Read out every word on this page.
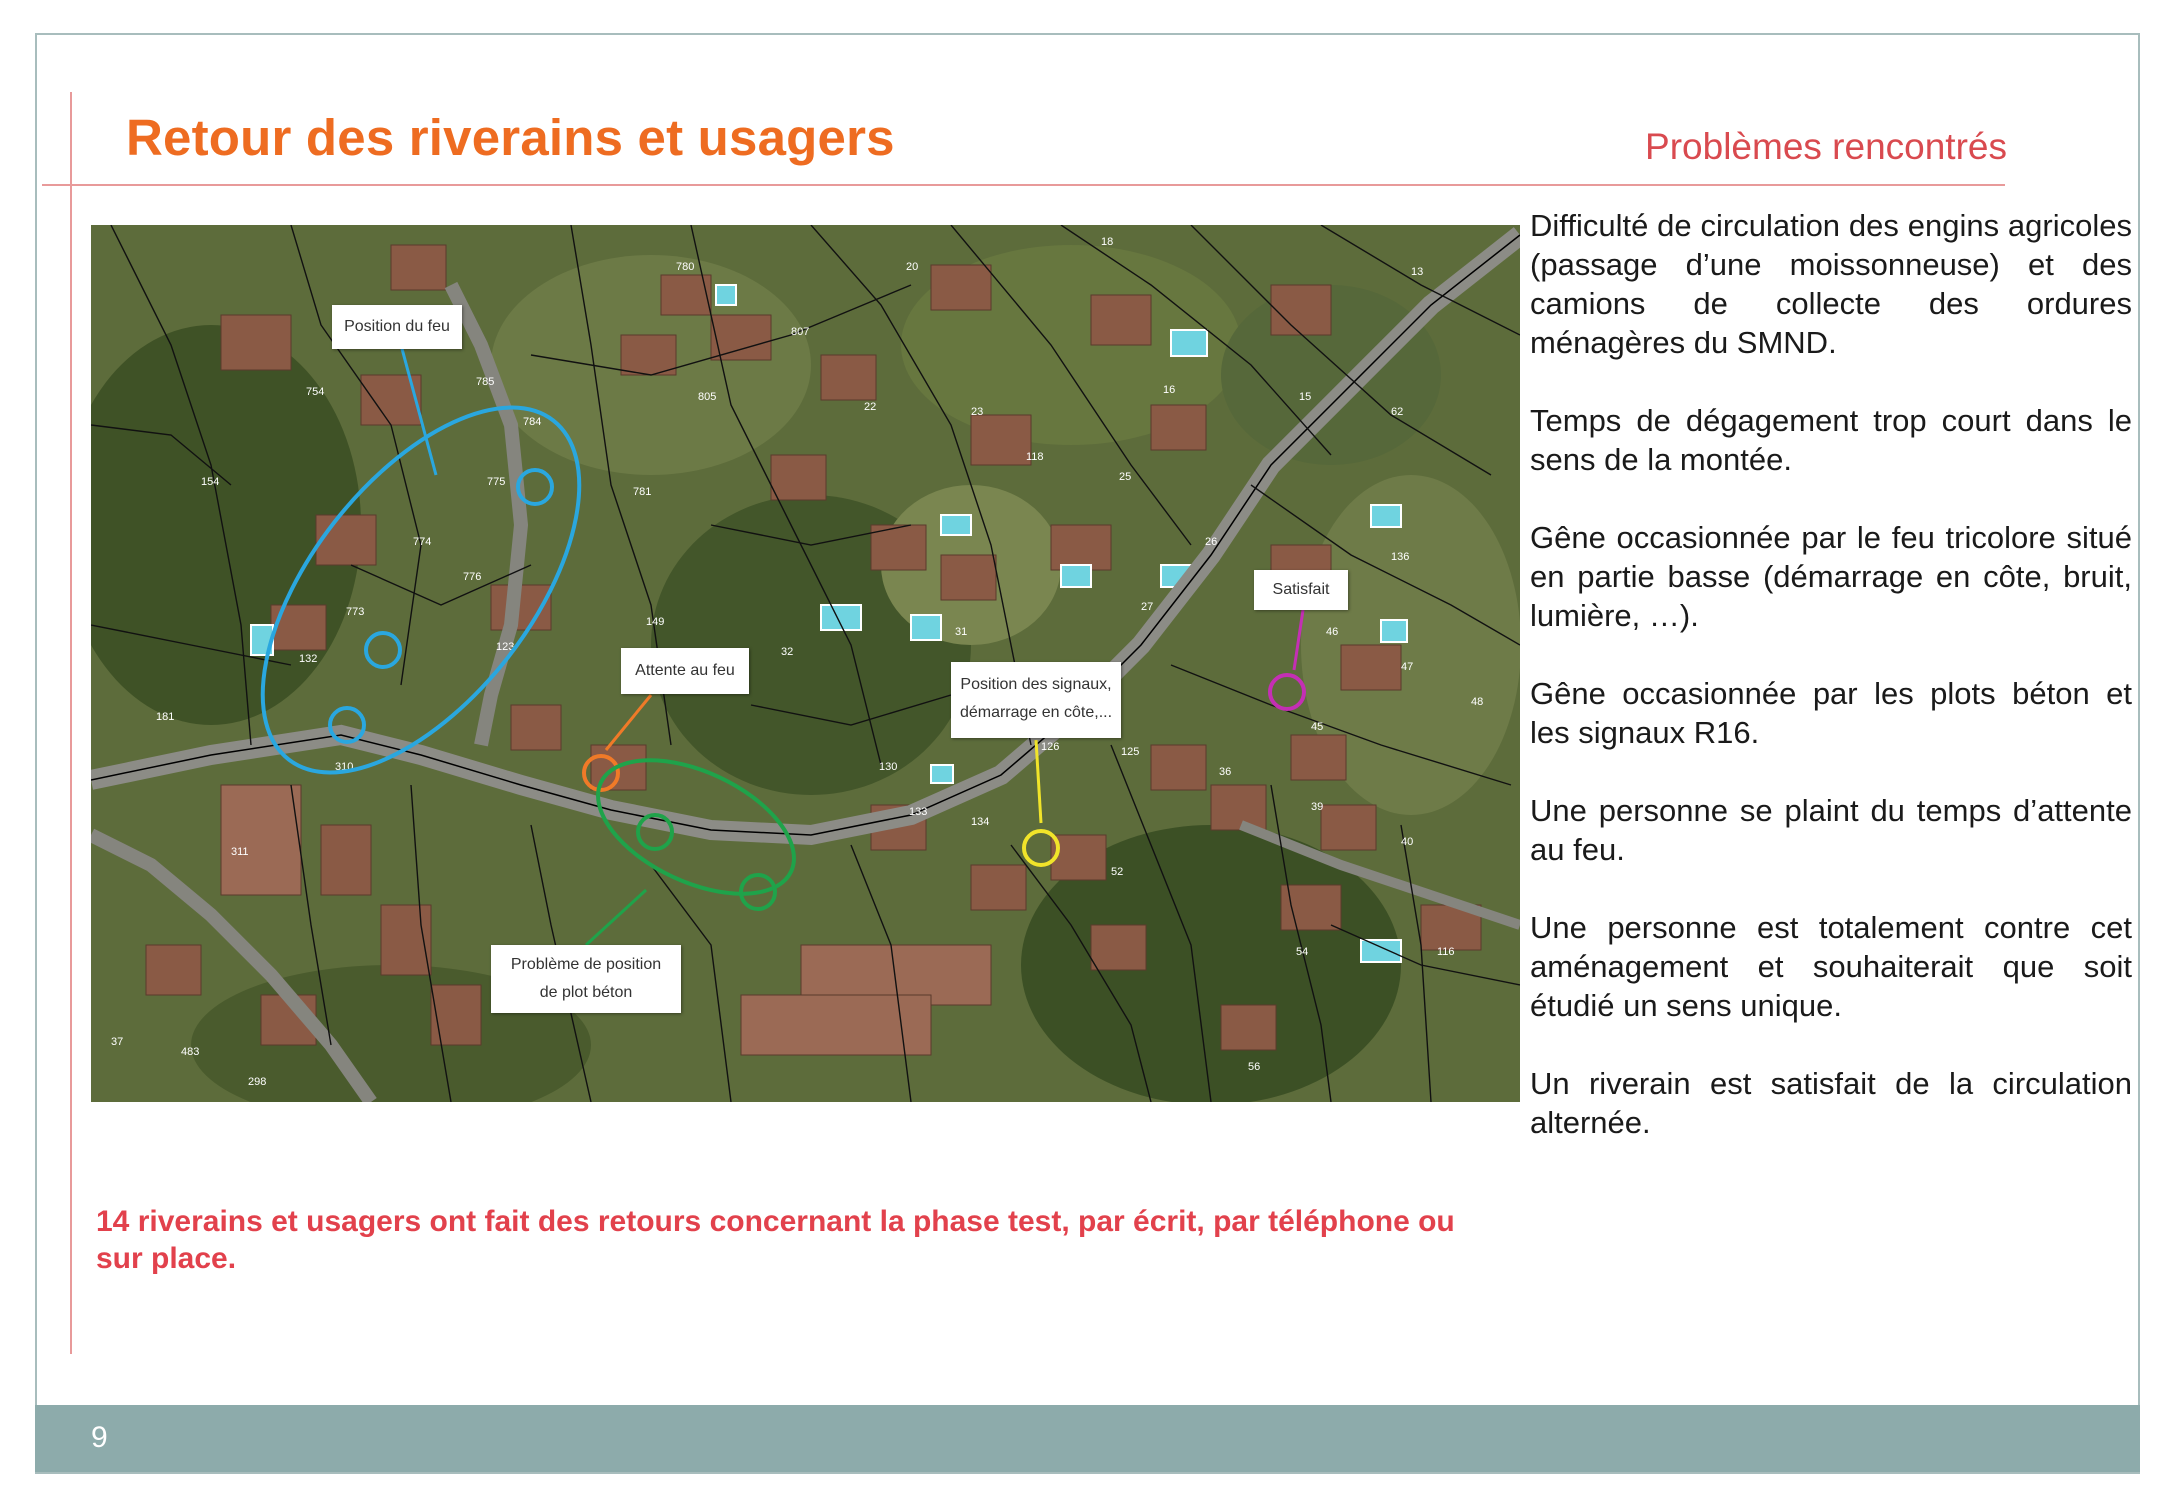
Retour des riverains et usagers	Problèmes rencontrés
780
807
754
785
784
805
775
781
774
776
773
154
123
149
132
181
310
311
20
22	23
118
18
16
25
26
27
15
13
62
136
46
47
48
45
36
39
40
52
54	116
56
130
133
134
126	125
32
31
298
483
37
Position du feu
Attente au feu
Position des signaux,
démarrage en côte,...
Satisfait
Problème de position
de plot béton

Difficulté de circulation des engins agricoles (passage d’une moissonneuse) et des camions de collecte des ordures ménagères du SMND.

Temps de dégagement trop court dans le sens de la montée.

Gêne occasionnée par le feu tricolore situé en partie basse (démarrage en côte, bruit, lumière, …).

Gêne occasionnée par les plots béton et les signaux R16.

Une personne se plaint du temps d’attente au feu.

Une personne est totalement contre cet aménagement et souhaiterait que soit étudié un sens unique.

Un riverain est satisfait de la circulation alternée.

14 riverains et usagers ont fait des retours concernant la phase test, par écrit, par téléphone ou sur place.
9
